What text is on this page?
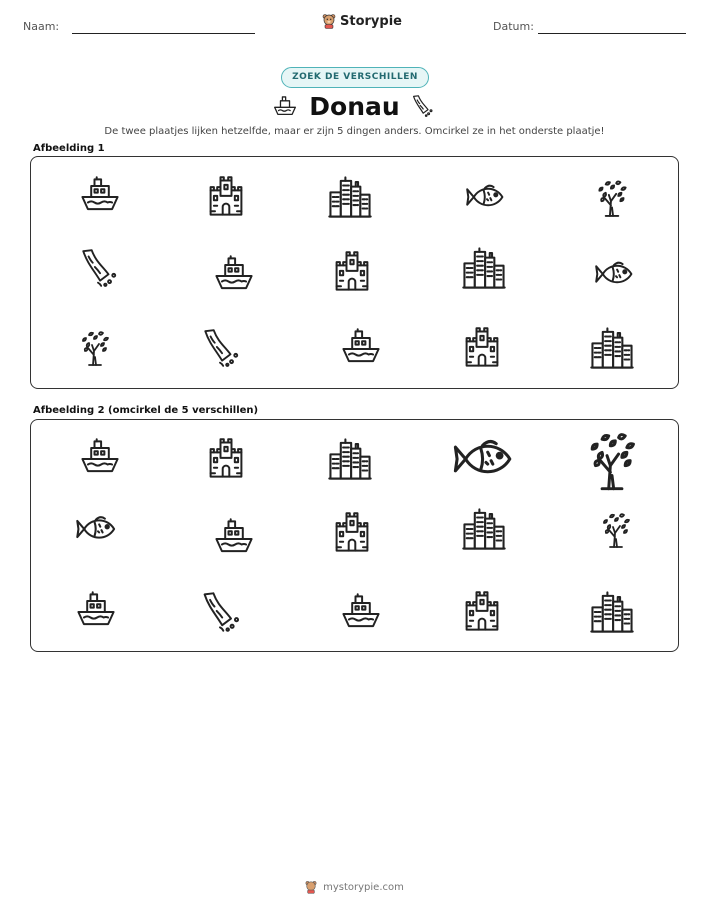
Naam:	Storypie	Datum:
ZOEK DE VERSCHILLEN
Donau
De twee plaatjes lijken hetzelfde, maar er zijn 5 dingen anders. Omcirkel ze in het onderste plaatje!
Afbeelding 1
Afbeelding 2 (omcirkel de 5 verschillen)
mystorypie.com
